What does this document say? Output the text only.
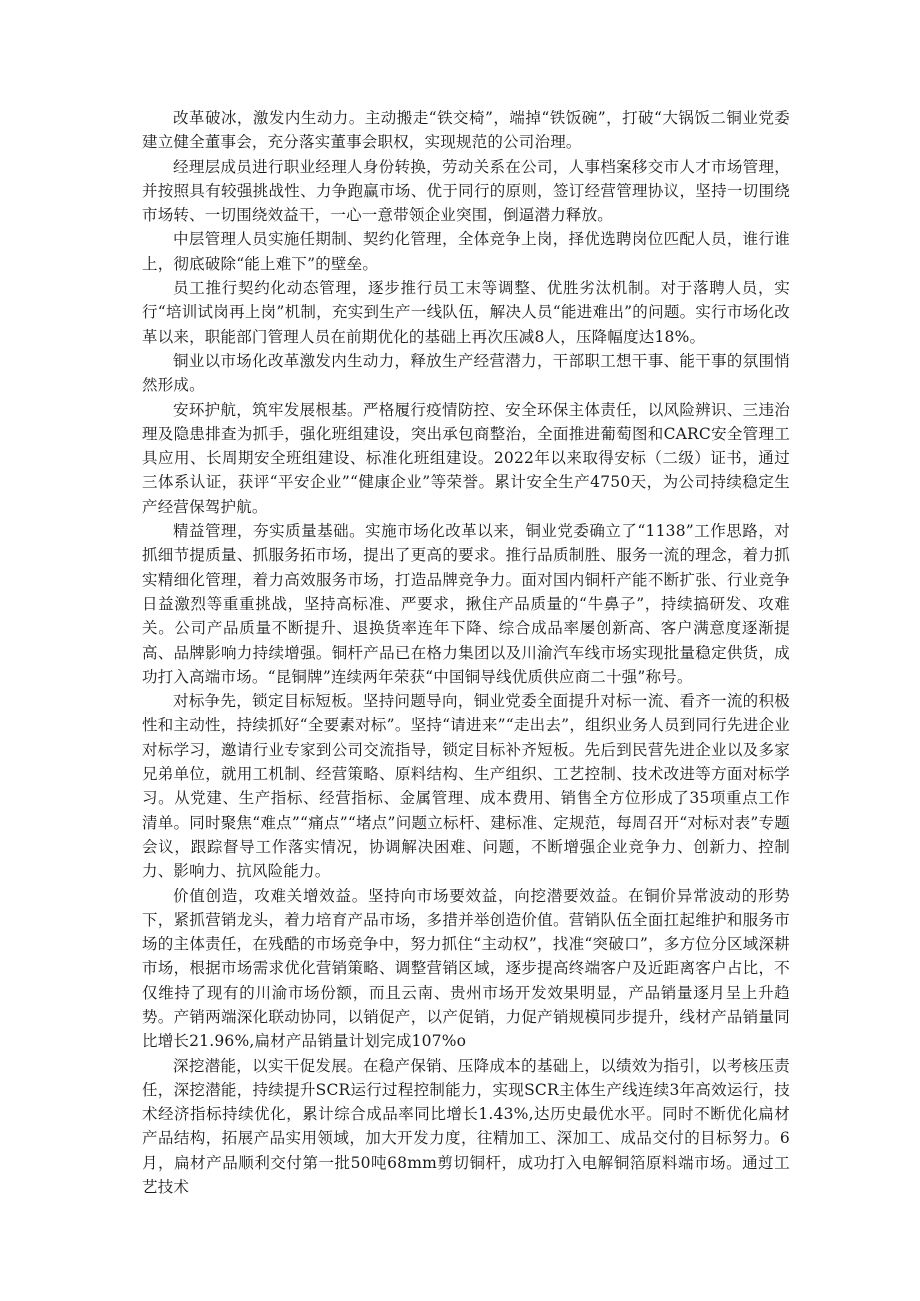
改革破冰，激发内生动力。主动搬走“铁交椅”，端掉“铁饭碗”，打破“大锅饭二铜业党委建立健全董事会，充分落实董事会职权，实现规范的公司治理。

经理层成员进行职业经理人身份转换，劳动关系在公司，人事档案移交市人才市场管理，并按照具有较强挑战性、力争跑赢市场、优于同行的原则，签订经营管理协议，坚持一切围绕市场转、一切围绕效益干，一心一意带领企业突围，倒逼潜力释放。

中层管理人员实施任期制、契约化管理，全体竞争上岗，择优选聘岗位匹配人员，谁行谁上，彻底破除“能上难下”的壁垒。

员工推行契约化动态管理，逐步推行员工末等调整、优胜劣汰机制。对于落聘人员，实行“培训试岗再上岗”机制，充实到生产一线队伍，解决人员“能进难出”的问题。实行市场化改革以来，职能部门管理人员在前期优化的基础上再次压减8人，压降幅度达18%。

铜业以市场化改革激发内生动力，释放生产经营潜力，干部职工想干事、能干事的氛围悄然形成。

安环护航，筑牢发展根基。严格履行疫情防控、安全环保主体责任，以风险辨识、三违治理及隐患排查为抓手，强化班组建设，突出承包商整治，全面推进葡萄图和CARC安全管理工具应用、长周期安全班组建设、标准化班组建设。2022年以来取得安标（二级）证书，通过三体系认证，获评“平安企业”“健康企业”等荣誉。累计安全生产4750天，为公司持续稳定生产经营保驾护航。

精益管理，夯实质量基础。实施市场化改革以来，铜业党委确立了“1138”工作思路，对抓细节提质量、抓服务拓市场，提出了更高的要求。推行品质制胜、服务一流的理念，着力抓实精细化管理，着力高效服务市场，打造品牌竞争力。面对国内铜杆产能不断扩张、行业竞争日益激烈等重重挑战，坚持高标准、严要求，揪住产品质量的“牛鼻子”，持续搞研发、攻难关。公司产品质量不断提升、退换货率连年下降、综合成品率屡创新高、客户满意度逐渐提高、品牌影响力持续增强。铜杆产品已在格力集团以及川渝汽车线市场实现批量稳定供货，成功打入高端市场。“昆铜牌”连续两年荣获“中国铜导线优质供应商二十强”称号。

对标争先，锁定目标短板。坚持问题导向，铜业党委全面提升对标一流、看齐一流的积极性和主动性，持续抓好“全要素对标”。坚持“请进来”“走出去”，组织业务人员到同行先进企业对标学习，邀请行业专家到公司交流指导，锁定目标补齐短板。先后到民营先进企业以及多家兄弟单位，就用工机制、经营策略、原料结构、生产组织、工艺控制、技术改进等方面对标学习。从党建、生产指标、经营指标、金属管理、成本费用、销售全方位形成了35项重点工作清单。同时聚焦“难点”“痛点”“堵点”问题立标杆、建标准、定规范，每周召开“对标对表”专题会议，跟踪督导工作落实情况，协调解决困难、问题，不断增强企业竞争力、创新力、控制力、影响力、抗风险能力。

价值创造，攻难关增效益。坚持向市场要效益，向挖潜要效益。在铜价异常波动的形势下，紧抓营销龙头，着力培育产品市场，多措并举创造价值。营销队伍全面扛起维护和服务市场的主体责任，在残酷的市场竞争中，努力抓住“主动权”，找准“突破口”，多方位分区域深耕市场，根据市场需求优化营销策略、调整营销区域，逐步提高终端客户及近距离客户占比，不仅维持了现有的川渝市场份额，而且云南、贵州市场开发效果明显，产品销量逐月呈上升趋势。产销两端深化联动协同，以销促产，以产促销，力促产销规模同步提升，线材产品销量同比增长21.96%,扁材产品销量计划完成107%o

深挖潜能，以实干促发展。在稳产保销、压降成本的基础上，以绩效为指引，以考核压责任，深挖潜能，持续提升SCR运行过程控制能力，实现SCR主体生产线连续3年高效运行，技术经济指标持续优化，累计综合成品率同比增长1.43%,达历史最优水平。同时不断优化扁材产品结构，拓展产品实用领域，加大开发力度，往精加工、深加工、成品交付的目标努力。6月，扁材产品顺利交付第一批50吨68mm剪切铜杆，成功打入电解铜箔原料端市场。通过工艺技术
